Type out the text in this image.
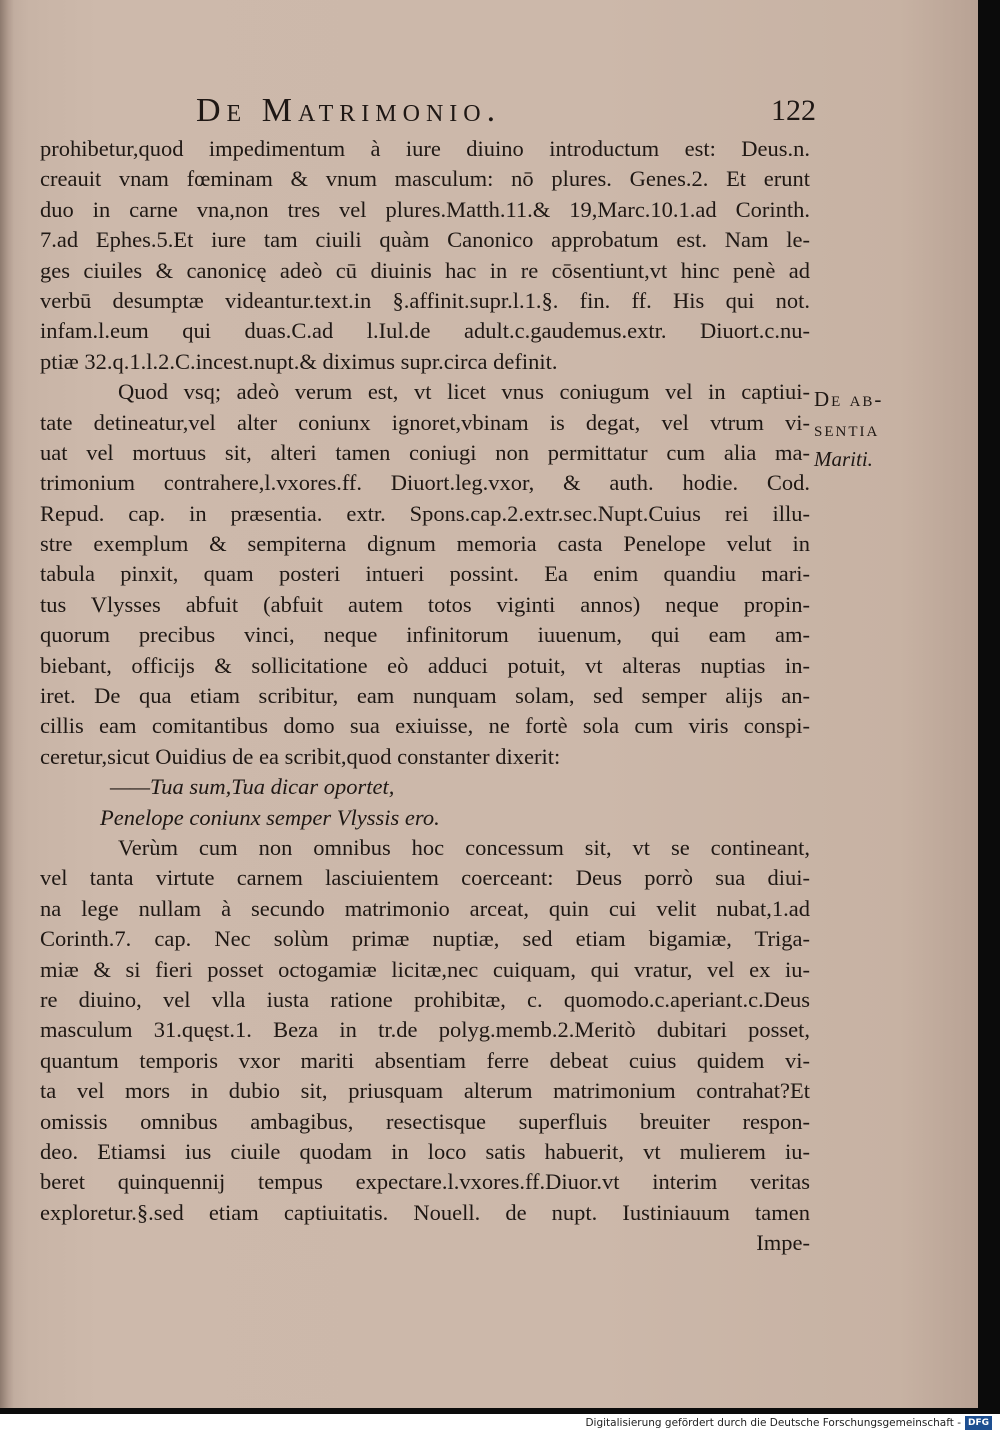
De Matrimonio.	122
prohibetur,quod impedimentum à iure diuino introductum est: Deus.n.
creauit vnam fœminam & vnum masculum: nō plures. Genes.2. Et erunt
duo in carne vna,non tres vel plures.Matth.11.& 19,Marc.10.1.ad Corinth.
7.ad Ephes.5.Et iure tam ciuili quàm Canonico approbatum est. Nam le-
ges ciuiles & canonicę adeò cū diuinis hac in re cōsentiunt,vt hinc penè ad
verbū desumptæ videantur.text.in §.affinit.supr.l.1.§. fin. ff. His qui not.
infam.l.eum qui duas.C.ad l.Iul.de adult.c.gaudemus.extr. Diuort.c.nu-
ptiæ 32.q.1.l.2.C.incest.nupt.& diximus supr.circa definit.
Quod vsq; adeò verum est, vt licet vnus coniugum vel in captiui-
tate detineatur,vel alter coniunx ignoret,vbinam is degat, vel vtrum vi-
uat vel mortuus sit, alteri tamen coniugi non permittatur cum alia ma-
trimonium contrahere,l.vxores.ff. Diuort.leg.vxor, & auth. hodie. Cod.
Repud. cap. in præsentia. extr. Spons.cap.2.extr.sec.Nupt.Cuius rei illu-
stre exemplum & sempiterna dignum memoria casta Penelope velut in
tabula pinxit, quam posteri intueri possint. Ea enim quandiu mari-
tus Vlysses abfuit (abfuit autem totos viginti annos) neque propin-
quorum precibus vinci, neque infinitorum iuuenum, qui eam am-
biebant, officijs & sollicitatione eò adduci potuit, vt alteras nuptias in-
iret. De qua etiam scribitur, eam nunquam solam, sed semper alijs an-
cillis eam comitantibus domo sua exiuisse, ne fortè sola cum viris conspi-
ceretur,sicut Ouidius de ea scribit,quod constanter dixerit:
——Tua sum,Tua dicar oportet,
Penelope coniunx semper Vlyssis ero.
Verùm cum non omnibus hoc concessum sit, vt se contineant,
vel tanta virtute carnem lasciuientem coerceant: Deus porrò sua diui-
na lege nullam à secundo matrimonio arceat, quin cui velit nubat,1.ad
Corinth.7. cap. Nec solùm primæ nuptiæ, sed etiam bigamiæ, Triga-
miæ & si fieri posset octogamiæ licitæ,nec cuiquam, qui vratur, vel ex iu-
re diuino, vel vlla iusta ratione prohibitæ, c. quomodo.c.aperiant.c.Deus
masculum 31.quęst.1. Beza in tr.de polyg.memb.2.Meritò dubitari posset,
quantum temporis vxor mariti absentiam ferre debeat cuius quidem vi-
ta vel mors in dubio sit, priusquam alterum matrimonium contrahat?Et
omissis omnibus ambagibus, resectisque superfluis breuiter respon-
deo. Etiamsi ius ciuile quodam in loco satis habuerit, vt mulierem iu-
beret quinquennij tempus expectare.l.vxores.ff.Diuor.vt interim veritas
exploretur.§.sed etiam captiuitatis. Nouell. de nupt. Iustiniauum tamen
Impe-
De ab-
sentia
Mariti.
Digitalisierung gefördert durch die Deutsche Forschungsgemeinschaft - DFG
